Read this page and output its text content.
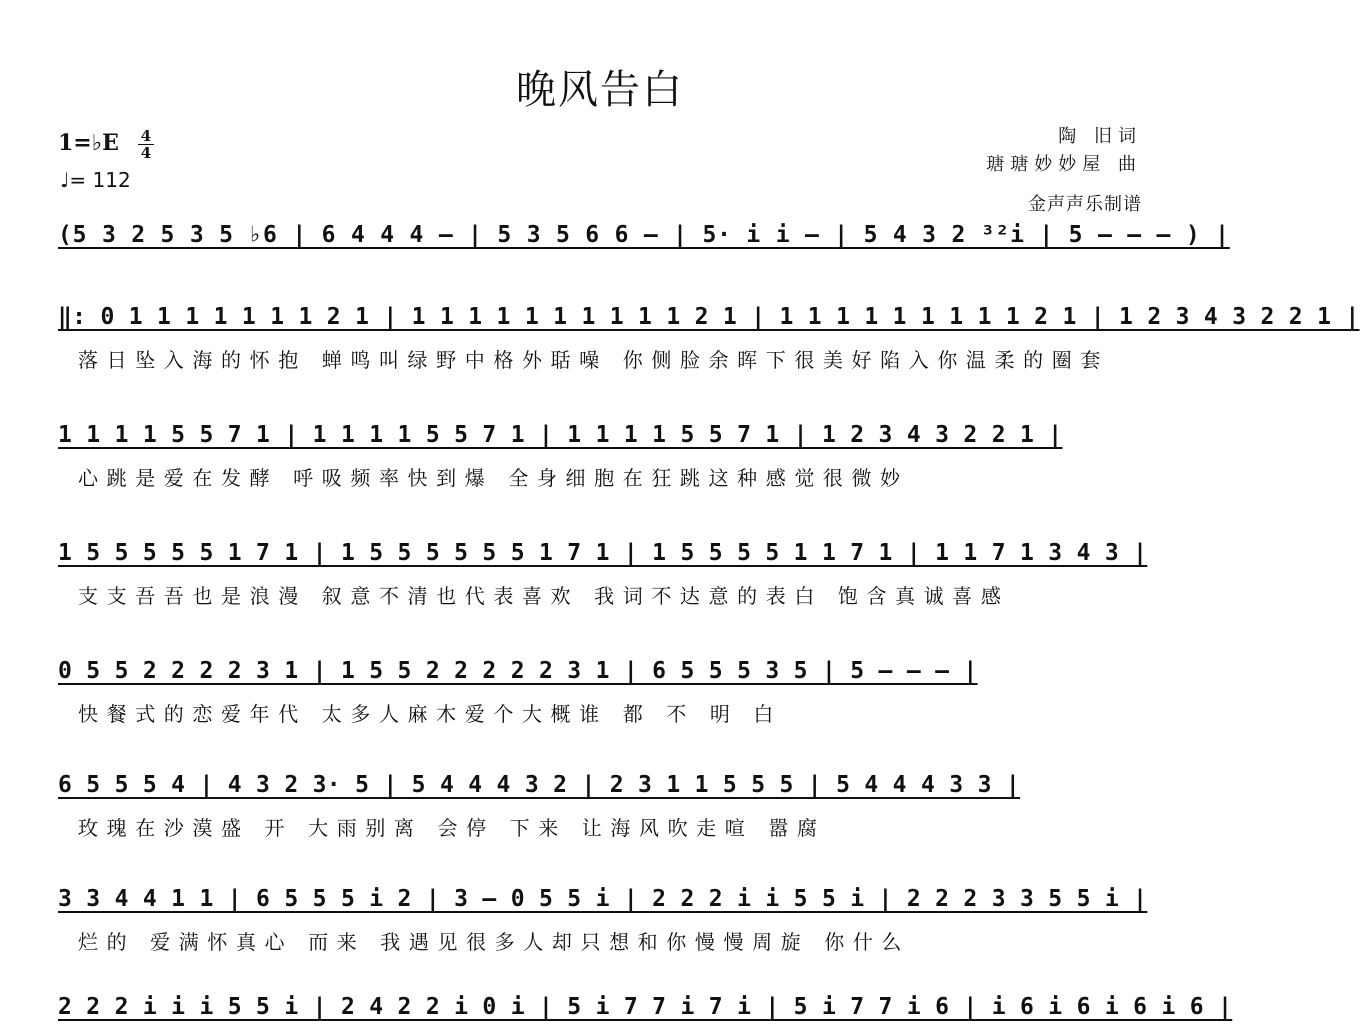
晚风告白
1=♭E 4
4
♩= 112
陶 旧词
瑭瑭妙妙屋 曲
金声声乐制谱
(5 3 2 5 3 5 ♭6 | 6 4 4 4 – | 5 3 5 6 6 – | 5· i i – | 5 4 3 2 ³²i | 5 – – – ) |
‖: 0 1 1 1 1 1 1 1 2 1 | 1 1 1 1 1 1 1 1 1 1 2 1 | 1 1 1 1 1 1 1 1 1 2 1 | 1 2 3 4 3 2 2 1 |
落日坠入海的怀抱 蝉鸣叫绿野中格外聒噪 你侧脸余晖下很美好陷入你温柔的圈套
1 1 1 1 5 5 7 1 | 1 1 1 1 5 5 7 1 | 1 1 1 1 5 5 7 1 | 1 2 3 4 3 2 2 1 |
心跳是爱在发酵 呼吸频率快到爆 全身细胞在狂跳这种感觉很微妙
1 5 5 5 5 5 1 7 1 | 1 5 5 5 5 5 5 1 7 1 | 1 5 5 5 5 1 1 7 1 | 1 1 7 1 3 4 3 |
支支吾吾也是浪漫 叙意不清也代表喜欢 我词不达意的表白 饱含真诚喜感
0 5 5 2 2 2 2 3 1 | 1 5 5 2 2 2 2 2 3 1 | 6 5 5 5 3 5 | 5 – – – |
快餐式的恋爱年代 太多人麻木爱个大概谁 都 不 明 白
6 5 5 5 4 | 4 3 2 3· 5 | 5 4 4 4 3 2 | 2 3 1 1 5 5 5 | 5 4 4 4 3 3 |
玫瑰在沙漠盛 开 大雨别离 会停 下来 让海风吹走喧 嚣腐
3 3 4 4 1 1 | 6 5 5 5 i 2 | 3 – 0 5 5 i | 2 2 2 i i 5 5 i | 2 2 2 3 3 5 5 i |
烂的 爱满怀真心 而来 我遇见很多人却只想和你慢慢周旋 你什么
2 2 2 i i i 5 5 i | 2 4 2 2 i 0 i | 5 i 7 7 i 7 i | 5 i 7 7 i 6 | i 6 i 6 i 6 i 6 |
